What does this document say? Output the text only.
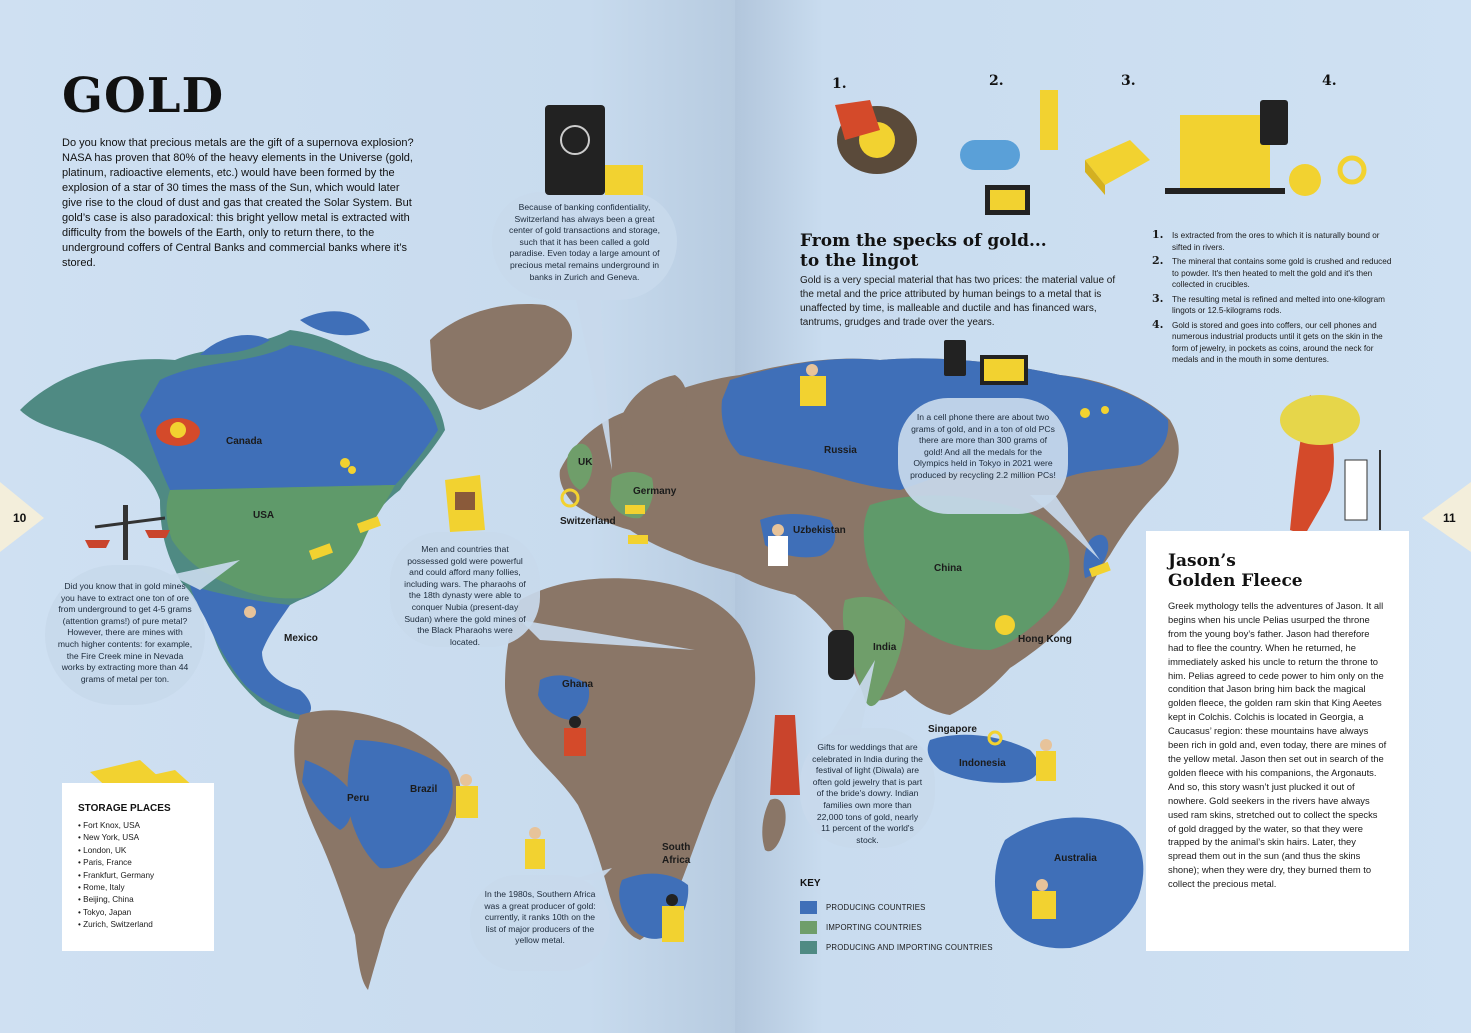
GOLD
Do you know that precious metals are the gift of a supernova explosion? NASA has proven that 80% of the heavy elements in the Universe (gold, platinum, radioactive elements, etc.) would have been formed by the explosion of a star of 30 times the mass of the Sun, which would later give rise to the cloud of dust and gas that created the Solar System. But gold’s case is also paradoxical: this bright yellow metal is extracted with difficulty from the bowels of the Earth, only to return there, to the underground coffers of Central Banks and commercial banks where it’s stored.
Because of banking confidentiality, Switzerland has always been a great center of gold transactions and storage, such that it has been called a gold paradise. Even today a large amount of precious metal remains underground in banks in Zurich and Geneva.
Did you know that in gold mines you have to extract one ton of ore from underground to get 4-5 grams (attention grams!) of pure metal? However, there are mines with much higher contents: for example, the Fire Creek mine in Nevada works by extracting more than 44 grams of metal per ton.
Men and countries that possessed gold were powerful and could afford many follies, including wars. The pharaohs of the 18th dynasty were able to conquer Nubia (present-day Sudan) where the gold mines of the Black Pharaohs were located.
In a cell phone there are about two grams of gold, and in a ton of old PCs there are more than 300 grams of gold! And all the medals for the Olympics held in Tokyo in 2021 were produced by recycling 2.2 million PCs!
Gifts for weddings that are celebrated in India during the festival of light (Diwala) are often gold jewelry that is part of the bride's dowry. Indian families own more than 22,000 tons of gold, nearly 11 percent of the world's stock.
In the 1980s, Southern Africa was a great producer of gold: currently, it ranks 10th on the list of major producers of the yellow metal.
Canada
USA
Mexico
Peru
Brazil
UK
Germany
Switzerland
Russia
Uzbekistan
China
India
Hong Kong
Singapore
Indonesia
Australia
Ghana
South
Africa
1.	2.	3.	4.
From the specks of gold...
to the lingot
Gold is a very special material that has two prices: the material value of the metal and the price attributed by human beings to a metal that is unaffected by time, is malleable and ductile and has financed wars, tantrums, grudges and trade over the years.
1. Is extracted from the ores to which it is naturally bound or sifted in rivers.
2. The mineral that contains some gold is crushed and reduced to powder. It's then heated to melt the gold and it's then collected in crucibles.
3. The resulting metal is refined and melted into one-kilogram lingots or 12.5-kilograms rods.
4. Gold is stored and goes into coffers, our cell phones and numerous industrial products until it gets on the skin in the form of jewelry, in pockets as coins, around the neck for medals and in the mouth in some dentures.
Jason’s
Golden Fleece

Greek mythology tells the adventures of Jason. It all begins when his uncle Pelias usurped the throne from the young boy’s father. Jason had therefore had to flee the country. When he returned, he immediately asked his uncle to return the throne to him. Pelias agreed to cede power to him only on the condition that Jason bring him back the magical golden fleece, the golden ram skin that King Aeetes kept in Colchis. Colchis is located in Georgia, a Caucasus’ region: these mountains have always been rich in gold and, even today, there are mines of the yellow metal. Jason then set out in search of the golden fleece with his companions, the Argonauts. And so, this story wasn’t just plucked it out of nowhere. Gold seekers in the rivers have always used ram skins, stretched out to collect the specks of gold dragged by the water, so that they were trapped by the animal’s skin hairs. Later, they spread them out in the sun (and thus the skins shone); when they were dry, they burned them to collect the precious metal.

STORAGE PLACES
• Fort Knox, USA
• New York, USA
• London, UK
• Paris, France
• Frankfurt, Germany
• Rome, Italy
• Beijing, China
• Tokyo, Japan
• Zurich, Switzerland
KEY
PRODUCING COUNTRIES
IMPORTING COUNTRIES
PRODUCING AND IMPORTING COUNTRIES
10	11
